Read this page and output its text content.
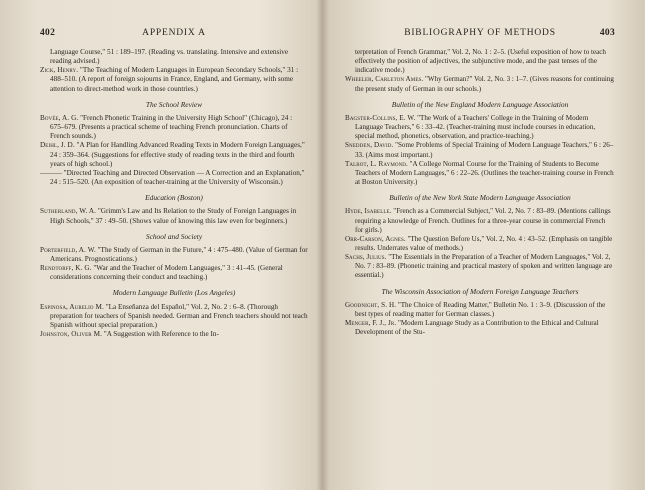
402	APPENDIX A

Language Course," 51 : 189–197. (Reading vs. translating. Intensive and extensive reading advised.)

Zick, Henry. "The Teaching of Modern Languages in European Secondary Schools," 31 : 488–510. (A report of foreign sojourns in France, England, and Germany, with some attention to direct-method work in those countries.)

The School Review

Bovée, A. G. "French Phonetic Training in the University High School" (Chicago), 24 : 675–679. (Presents a practical scheme of teaching French pronunciation. Charts of French sounds.)

Deihl, J. D. "A Plan for Handling Advanced Reading Texts in Modern Foreign Languages," 24 : 359–364. (Suggestions for effective study of reading texts in the third and fourth years of high school.)

——— "Directed Teaching and Directed Observation — A Correction and an Explanation," 24 : 515–520. (An exposition of teacher-training at the University of Wisconsin.)

Education (Boston)

Sutherland, W. A. "Grimm's Law and Its Relation to the Study of Foreign Languages in High Schools," 37 : 49–50. (Shows value of knowing this law even for beginners.)

School and Society

Porterfield, A. W. "The Study of German in the Future," 4 : 475–480. (Value of German for Americans. Prognostications.)

Rendtorff, K. G. "War and the Teacher of Modern Languages," 3 : 41–45. (General considerations concerning their conduct and teaching.)

Modern Language Bulletin (Los Angeles)

Espinosa, Aurelio M. "La Enseñanza del Español," Vol. 2, No. 2 : 6–8. (Thorough preparation for teachers of Spanish needed. German and French teachers should not teach Spanish without special preparation.)

Johnston, Oliver M. "A Suggestion with Reference to the In-

BIBLIOGRAPHY OF METHODS	403

terpretation of French Grammar," Vol. 2, No. 1 : 2–5. (Useful exposition of how to teach effectively the position of adjectives, the subjunctive mode, and the past tenses of the indicative mode.)

Wheeler, Carleton Ames. "Why German?" Vol. 2, No. 3 : 1–7. (Gives reasons for continuing the present study of German in our schools.)

Bulletin of the New England Modern Language Association

Bagster-Collins, E. W. "The Work of a Teachers' College in the Training of Modern Language Teachers," 6 : 33–42. (Teacher-training must include courses in education, special method, phonetics, observation, and practice-teaching.)

Snedden, David. "Some Problems of Special Training of Modern Language Teachers," 6 : 26–33. (Aims most important.)

Talbot, L. Raymond. "A College Normal Course for the Training of Students to Become Teachers of Modern Languages," 6 : 22–26. (Outlines the teacher-training course in French at Boston University.)

Bulletin of the New York State Modern Language Association

Hyde, Isabelle. "French as a Commercial Subject," Vol. 2, No. 7 : 83–89. (Mentions callings requiring a knowledge of French. Outlines for a three-year course in commercial French for girls.)

Orr-Carson, Agnes. "The Question Before Us," Vol. 2, No. 4 : 43–52. (Emphasis on tangible results. Underrates value of methods.)

Sachs, Julius. "The Essentials in the Preparation of a Teacher of Modern Languages," Vol. 2, No. 7 : 83–89. (Phonetic training and practical mastery of spoken and written language are essential.)

The Wisconsin Association of Modern Foreign Language Teachers

Goodnight, S. H. "The Choice of Reading Matter," Bulletin No. 1 : 3–9. (Discussion of the best types of reading matter for German classes.)

Menger, F. J., Jr. "Modern Language Study as a Contribution to the Ethical and Cultural Development of the Stu-
